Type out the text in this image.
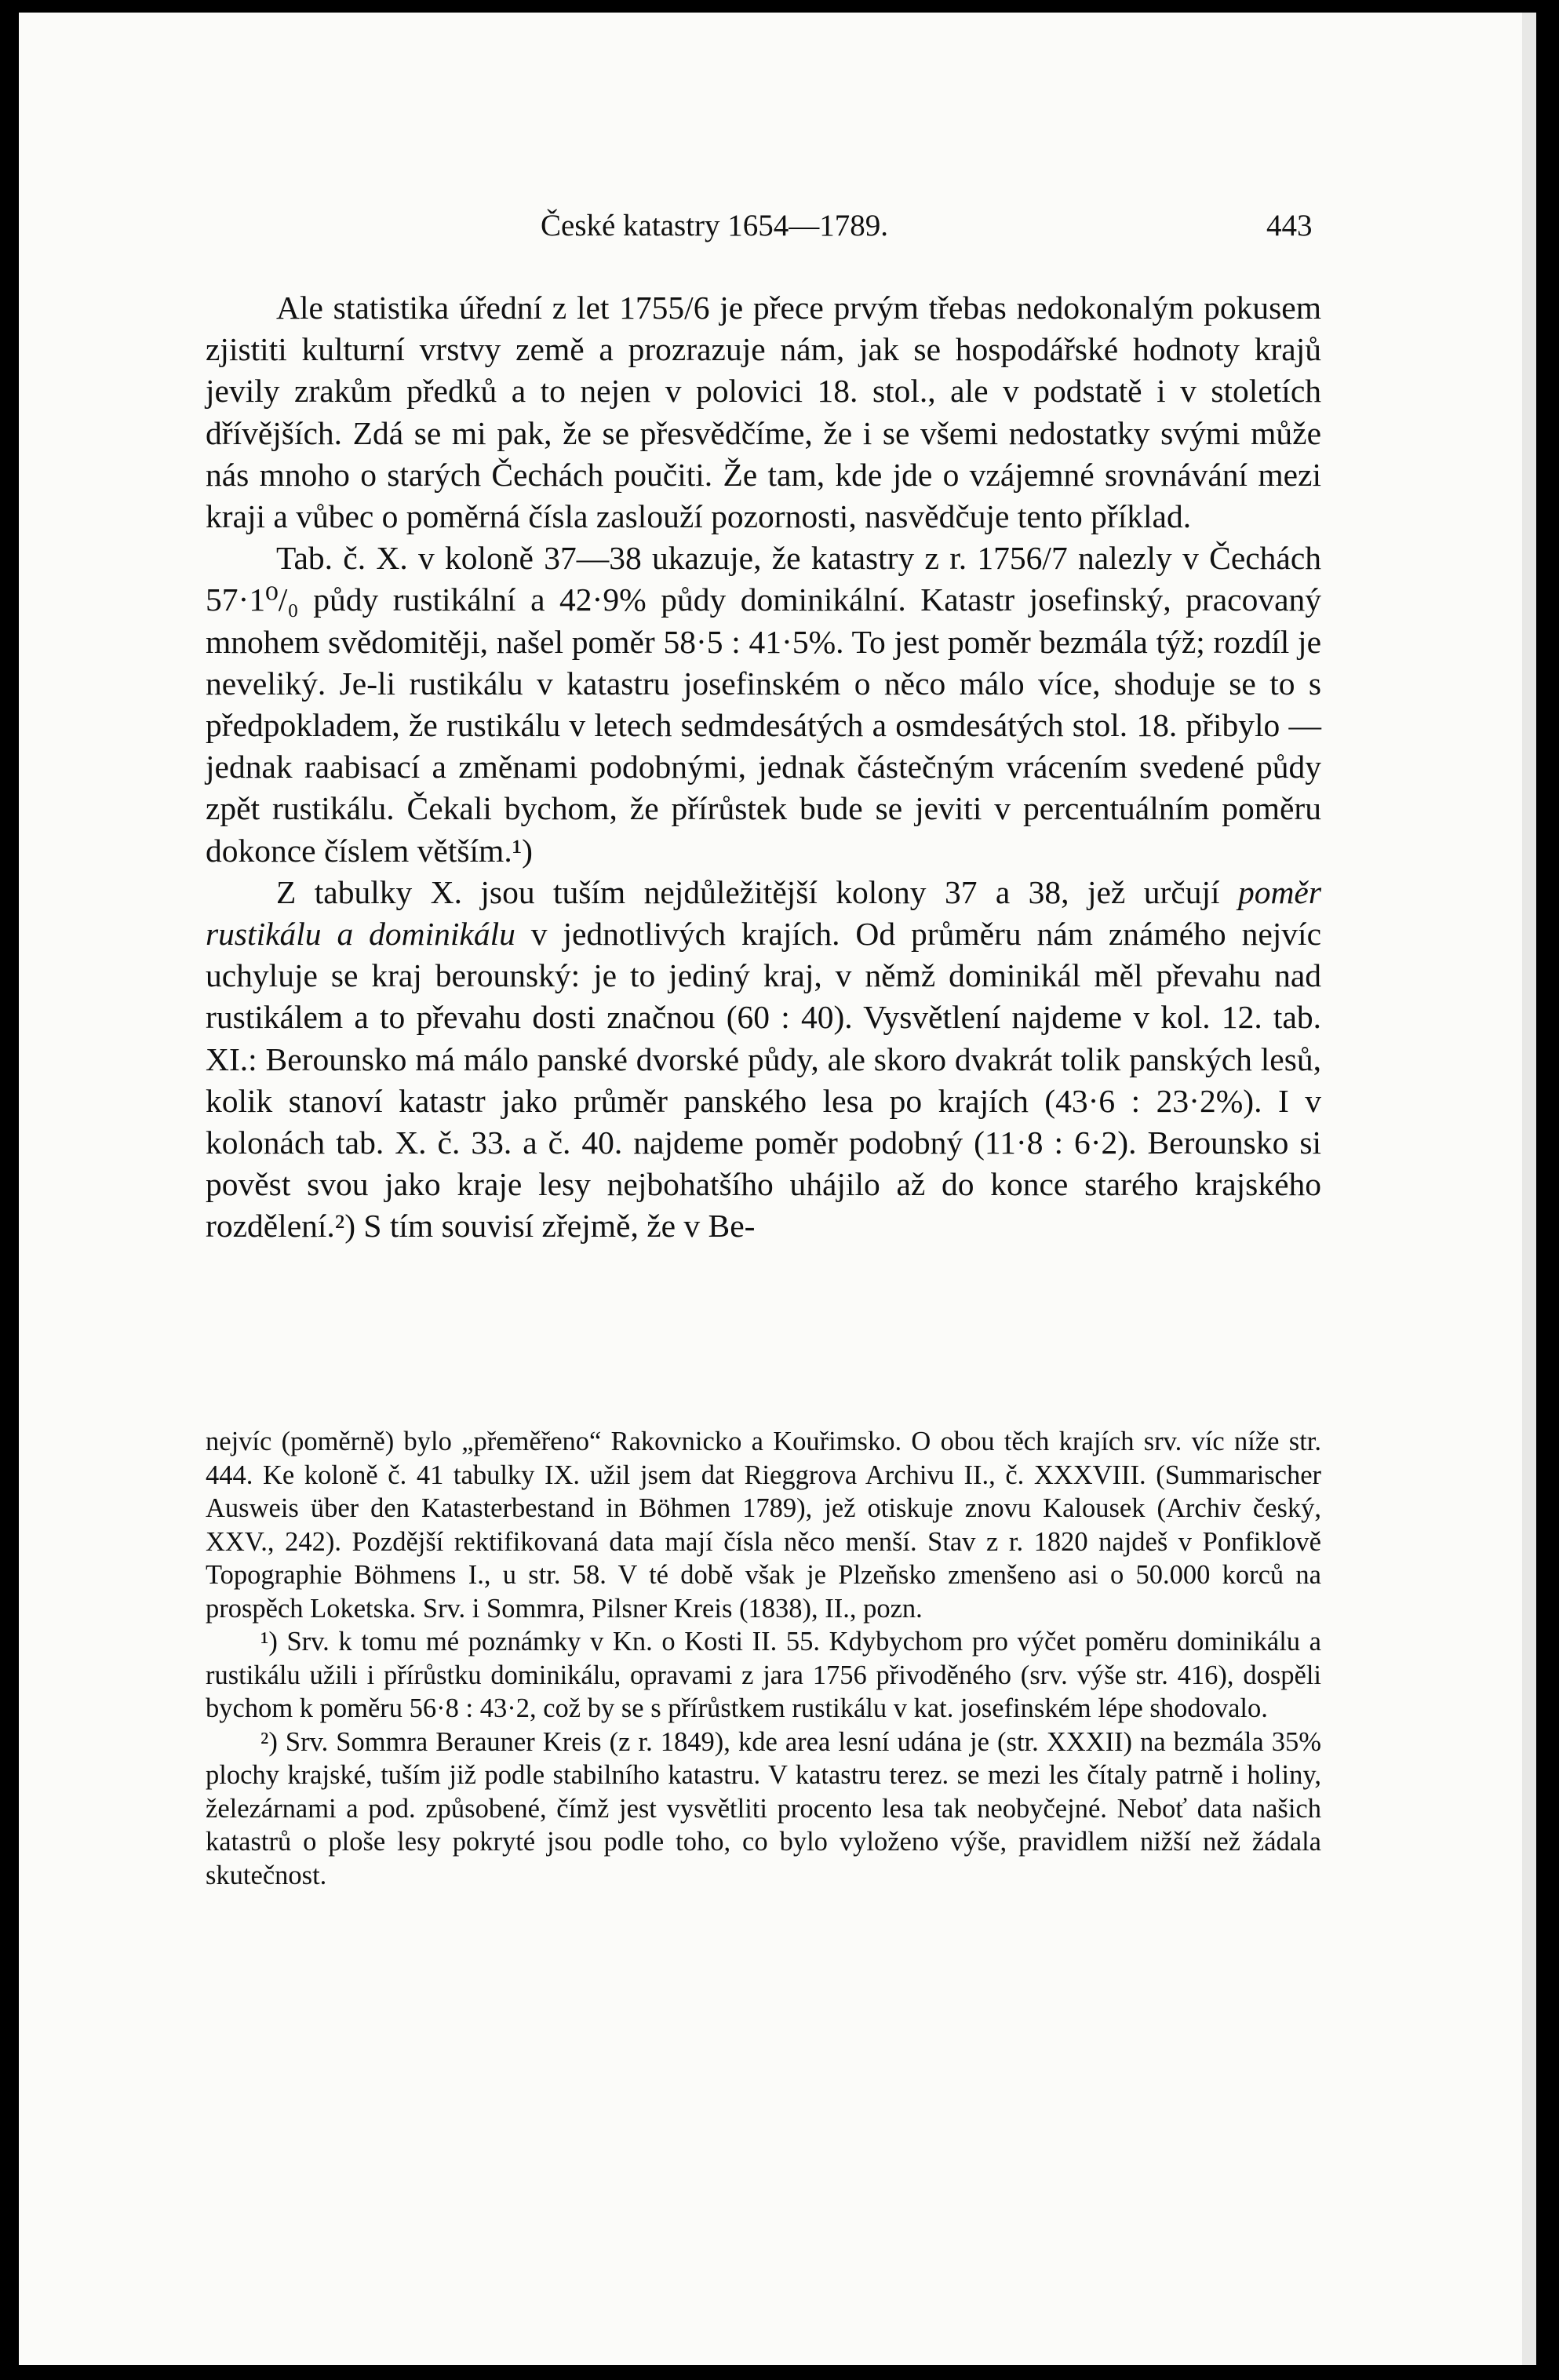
České katastry 1654—1789.	443

Ale statistika úřední z let 1755/6 je přece prvým třebas nedokonalým pokusem zjistiti kulturní vrstvy země a prozrazuje nám, jak se hospodářské hodnoty krajů jevily zrakům předků a to nejen v polovici 18. stol., ale v podstatě i v stoletích dřívějších. Zdá se mi pak, že se přesvědčíme, že i se všemi nedostatky svými může nás mnoho o starých Čechách poučiti. Že tam, kde jde o vzájemné srovnávání mezi kraji a vůbec o poměrná čísla zaslouží pozornosti, nasvědčuje tento příklad.

Tab. č. X. v koloně 37—38 ukazuje, že katastry z r. 1756/7 nalezly v Čechách 57·1⁰/₀ půdy rustikální a 42·9% půdy dominikální. Katastr josefinský, pracovaný mnohem svědomitěji, našel poměr 58·5 : 41·5%. To jest poměr bezmála týž; rozdíl je neveliký. Je-li rustikálu v katastru josefinském o něco málo více, shoduje se to s předpokladem, že rustikálu v letech sedmdesátých a osmdesátých stol. 18. přibylo — jednak raabisací a změnami podobnými, jednak částečným vrácením svedené půdy zpět rustikálu. Čekali bychom, že přírůstek bude se jeviti v percentuálním poměru dokonce číslem větším.¹)

Z tabulky X. jsou tuším nejdůležitější kolony 37 a 38, jež určují poměr rustikálu a dominikálu v jednotlivých krajích. Od průměru nám známého nejvíc uchyluje se kraj berounský: je to jediný kraj, v němž dominikál měl převahu nad rustikálem a to převahu dosti značnou (60 : 40). Vysvětlení najdeme v kol. 12. tab. XI.: Berounsko má málo panské dvorské půdy, ale skoro dvakrát tolik panských lesů, kolik stanoví katastr jako průměr panského lesa po krajích (43·6 : 23·2%). I v kolonách tab. X. č. 33. a č. 40. najdeme poměr podobný (11·8 : 6·2). Berounsko si pověst svou jako kraje lesy nejbohatšího uhájilo až do konce starého krajského rozdělení.²) S tím souvisí zřejmě, že v Be-

nejvíc (poměrně) bylo „přeměřeno“ Rakovnicko a Kouřimsko. O obou těch krajích srv. víc níže str. 444. Ke koloně č. 41 tabulky IX. užil jsem dat Rieggrova Archivu II., č. XXXVIII. (Summarischer Ausweis über den Katasterbestand in Böhmen 1789), jež otiskuje znovu Kalousek (Archiv český, XXV., 242). Pozdější rektifikovaná data mají čísla něco menší. Stav z r. 1820 najdeš v Ponfiklově Topographie Böhmens I., u str. 58. V té době však je Plzeňsko zmenšeno asi o 50.000 korců na prospěch Loketska. Srv. i Sommra, Pilsner Kreis (1838), II., pozn.

¹) Srv. k tomu mé poznámky v Kn. o Kosti II. 55. Kdybychom pro výčet poměru dominikálu a rustikálu užili i přírůstku dominikálu, opravami z jara 1756 přivoděného (srv. výše str. 416), dospěli bychom k poměru 56·8 : 43·2, což by se s přírůstkem rustikálu v kat. josefinském lépe shodovalo.

²) Srv. Sommra Berauner Kreis (z r. 1849), kde area lesní udána je (str. XXXII) na bezmála 35% plochy krajské, tuším již podle stabilního katastru. V katastru terez. se mezi les čítaly patrně i holiny, železárnami a pod. způsobené, čímž jest vysvětliti procento lesa tak neobyčejné. Neboť data našich katastrů o ploše lesy pokryté jsou podle toho, co bylo vyloženo výše, pravidlem nižší než žádala skutečnost.
